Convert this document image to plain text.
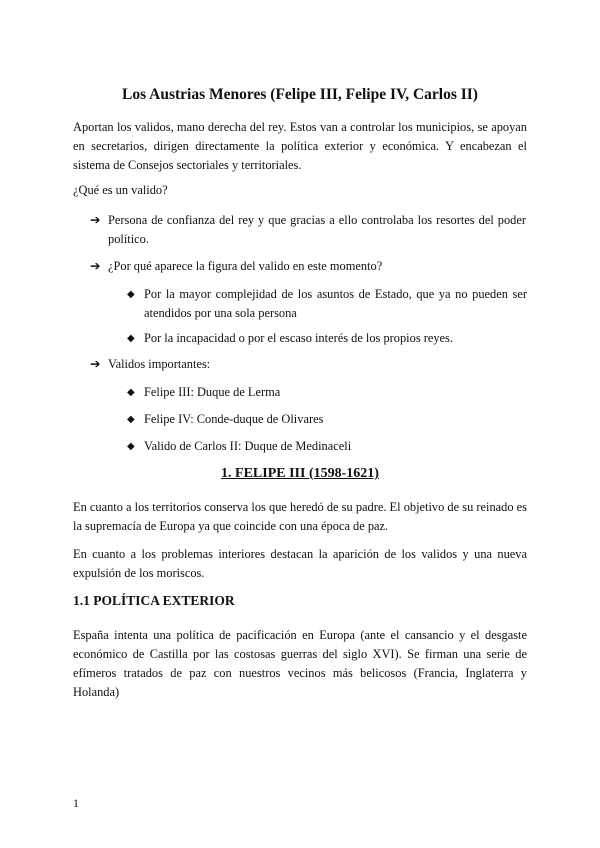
Los Austrias Menores (Felipe III, Felipe IV, Carlos II)
Aportan los validos, mano derecha del rey. Estos van a controlar los municipios, se apoyan en secretarios, dirigen directamente la política exterior y económica. Y encabezan el sistema de Consejos sectoriales y territoriales.
¿Qué es un valido?
➔ Persona de confianza del rey y que gracias a ello controlaba los resortes del poder político.
➔ ¿Por qué aparece la figura del valido en este momento?
◆ Por la mayor complejidad de los asuntos de Estado, que ya no pueden ser atendidos por una sola persona
◆ Por la incapacidad o por el escaso interés de los propios reyes.
➔ Validos importantes:
◆ Felipe III: Duque de Lerma
◆ Felipe IV: Conde-duque de Olivares
◆ Valido de Carlos II: Duque de Medinaceli
1. FELIPE III (1598-1621)
En cuanto a los territorios conserva los que heredó de su padre. El objetivo de su reinado es la supremacía de Europa ya que coincide con una época de paz.
En cuanto a los problemas interiores destacan la aparición de los validos y una nueva expulsión de los moriscos.
1.1 POLÍTICA EXTERIOR
España intenta una política de pacificación en Europa (ante el cansancio y el desgaste económico de Castilla por las costosas guerras del siglo XVI). Se firman una serie de efímeros tratados de paz con nuestros vecinos más belicosos (Francia, Inglaterra y Holanda)
1
